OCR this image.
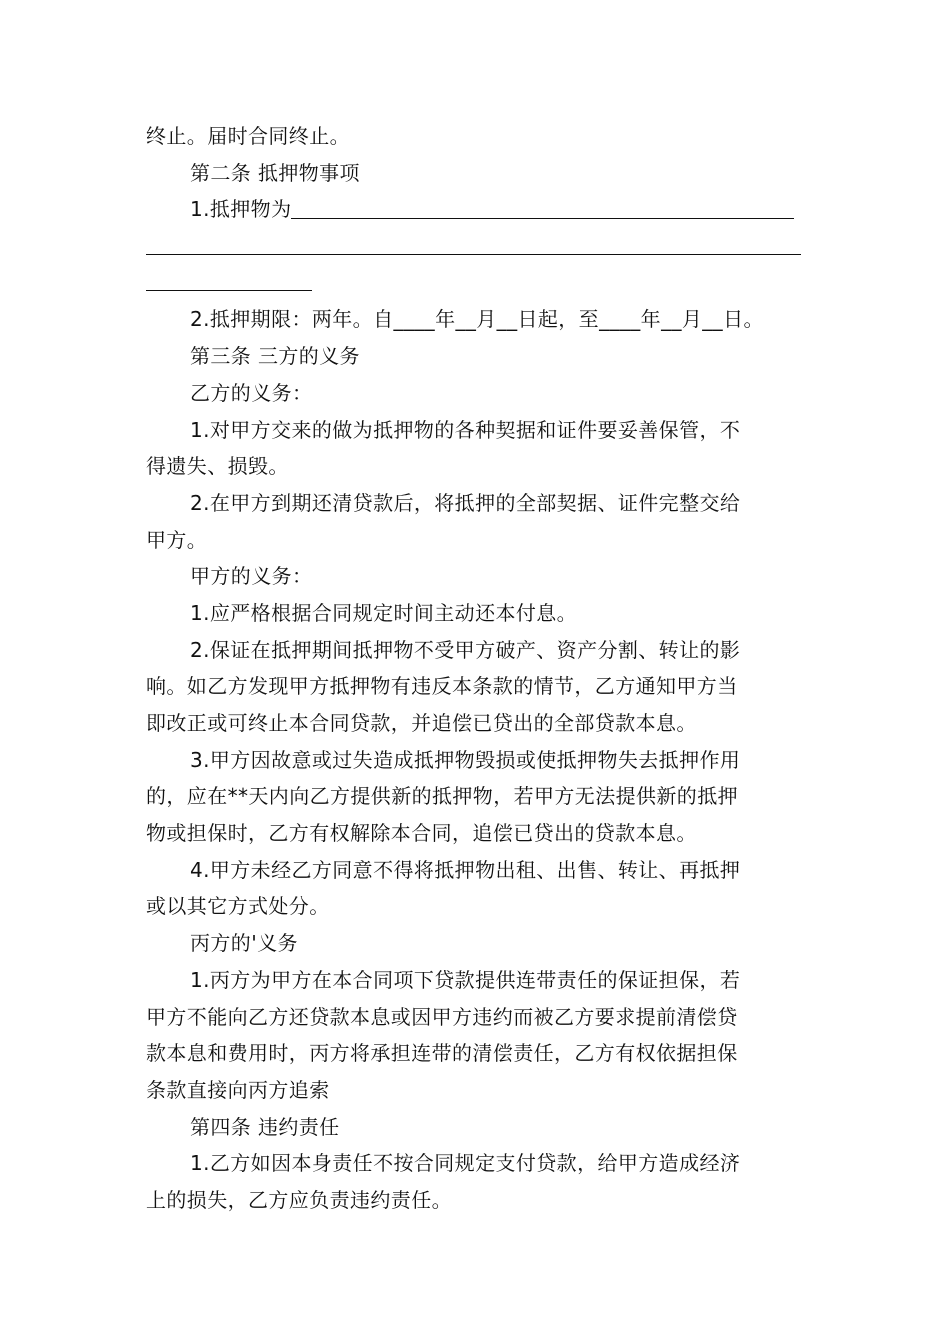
终止。届时合同终止。
第二条 抵押物事项
1.抵押物为
2.抵押期限：两年。自____年__月__日起，至____年__月__日。
第三条 三方的义务
乙方的义务：
1.对甲方交来的做为抵押物的各种契据和证件要妥善保管，不
得遗失、损毁。
2.在甲方到期还清贷款后，将抵押的全部契据、证件完整交给
甲方。
甲方的义务：
1.应严格根据合同规定时间主动还本付息。
2.保证在抵押期间抵押物不受甲方破产、资产分割、转让的影
响。如乙方发现甲方抵押物有违反本条款的情节，乙方通知甲方当
即改正或可终止本合同贷款，并追偿已贷出的全部贷款本息。
3.甲方因故意或过失造成抵押物毁损或使抵押物失去抵押作用
的，应在**天内向乙方提供新的抵押物，若甲方无法提供新的抵押
物或担保时，乙方有权解除本合同，追偿已贷出的贷款本息。
4.甲方未经乙方同意不得将抵押物出租、出售、转让、再抵押
或以其它方式处分。
丙方的'义务
1.丙方为甲方在本合同项下贷款提供连带责任的保证担保，若
甲方不能向乙方还贷款本息或因甲方违约而被乙方要求提前清偿贷
款本息和费用时，丙方将承担连带的清偿责任，乙方有权依据担保
条款直接向丙方追索
第四条 违约责任
1.乙方如因本身责任不按合同规定支付贷款，给甲方造成经济
上的损失，乙方应负责违约责任。
